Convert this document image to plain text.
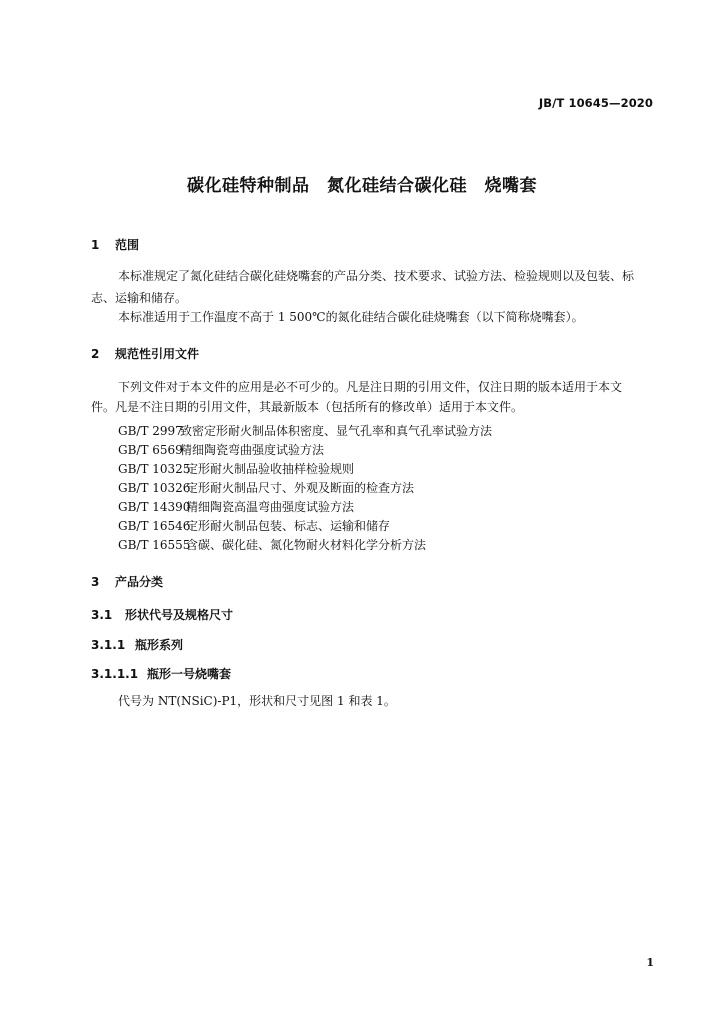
JB/T 10645—2020
碳化硅特种制品　氮化硅结合碳化硅　烧嘴套
1 范围
本标准规定了氮化硅结合碳化硅烧嘴套的产品分类、技术要求、试验方法、检验规则以及包装、标
志、运输和储存。
本标准适用于工作温度不高于 1 500℃的氮化硅结合碳化硅烧嘴套（以下简称烧嘴套）。
2 规范性引用文件
下列文件对于本文件的应用是必不可少的。凡是注日期的引用文件，仅注日期的版本适用于本文
件。凡是不注日期的引用文件，其最新版本（包括所有的修改单）适用于本文件。
GB/T 2997致密定形耐火制品体积密度、显气孔率和真气孔率试验方法
GB/T 6569精细陶瓷弯曲强度试验方法
GB/T 10325定形耐火制品验收抽样检验规则
GB/T 10326定形耐火制品尺寸、外观及断面的检查方法
GB/T 14390精细陶瓷高温弯曲强度试验方法
GB/T 16546定形耐火制品包装、标志、运输和储存
GB/T 16555含碳、碳化硅、氮化物耐火材料化学分析方法
3 产品分类
3.1 形状代号及规格尺寸
3.1.1 瓶形系列
3.1.1.1 瓶形一号烧嘴套
代号为 NT(NSiC)-P1，形状和尺寸见图 1 和表 1。
1
